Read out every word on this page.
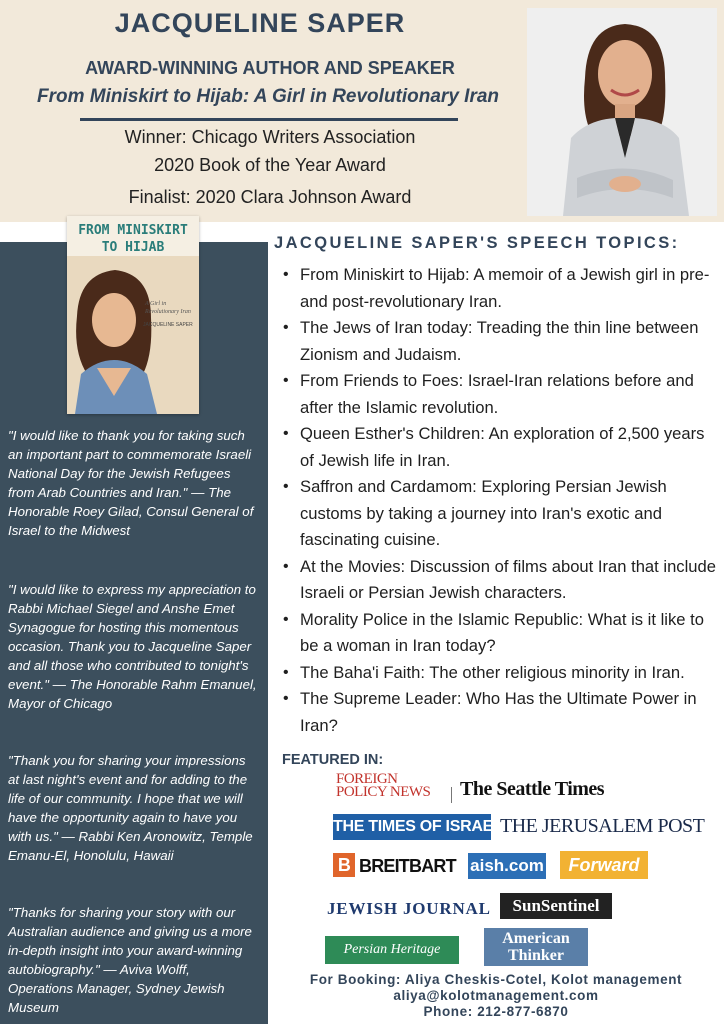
JACQUELINE SAPER
AWARD-WINNING AUTHOR AND SPEAKER
From Miniskirt to Hijab: A Girl in Revolutionary Iran
Winner: Chicago Writers Association
2020 Book of the Year Award
Finalist: 2020 Clara Johnson Award
FROM MINISKIRT
TO HIJAB
A Girl in Revolutionary Iran
JACQUELINE SAPER
"I would like to thank you for taking such an important part to commemorate Israeli National Day for the Jewish Refugees from Arab Countries and Iran." — The Honorable Roey Gilad, Consul General of Israel to the Midwest
"I would like to express my appreciation to Rabbi Michael Siegel and Anshe Emet Synagogue for hosting this momentous occasion. Thank you to Jacqueline Saper and all those who contributed to tonight's event." — The Honorable Rahm Emanuel, Mayor of Chicago
"Thank you for sharing your impressions at last night's event and for adding to the life of our community. I hope that we will have the opportunity again to have you with us." — Rabbi Ken Aronowitz, Temple Emanu-El, Honolulu, Hawaii
"Thanks for sharing your story with our Australian audience and giving us a more in-depth insight into your award-winning autobiography." — Aviva Wolff, Operations Manager, Sydney Jewish Museum
JACQUELINE SAPER'S SPEECH TOPICS:
• From Miniskirt to Hijab: A memoir of a Jewish girl in pre-and post-revolutionary Iran.
• The Jews of Iran today: Treading the thin line between Zionism and Judaism.
• From Friends to Foes: Israel-Iran relations before and after the Islamic revolution.
• Queen Esther's Children: An exploration of 2,500 years of Jewish life in Iran.
• Saffron and Cardamom: Exploring Persian Jewish customs by taking a journey into Iran's exotic and fascinating cuisine.
• At the Movies: Discussion of films about Iran that include Israeli or Persian Jewish characters.
• Morality Police in the Islamic Republic: What is it like to be a woman in Iran today?
• The Baha'i Faith: The other religious minority in Iran.
• The Supreme Leader: Who Has the Ultimate Power in Iran?
FEATURED IN:
FOREIGN
POLICY NEWS The Seattle Times
THE TIMES OF ISRAEL
THE JERUSALEM POST
B BREITBART aish.com	Forward
JEWISH JOURNAL	SunSentinel
Persian Heritage
American
Thinker
For Booking: Aliya Cheskis-Cotel, Kolot management
aliya@kolotmanagement.com
Phone: 212-877-6870
